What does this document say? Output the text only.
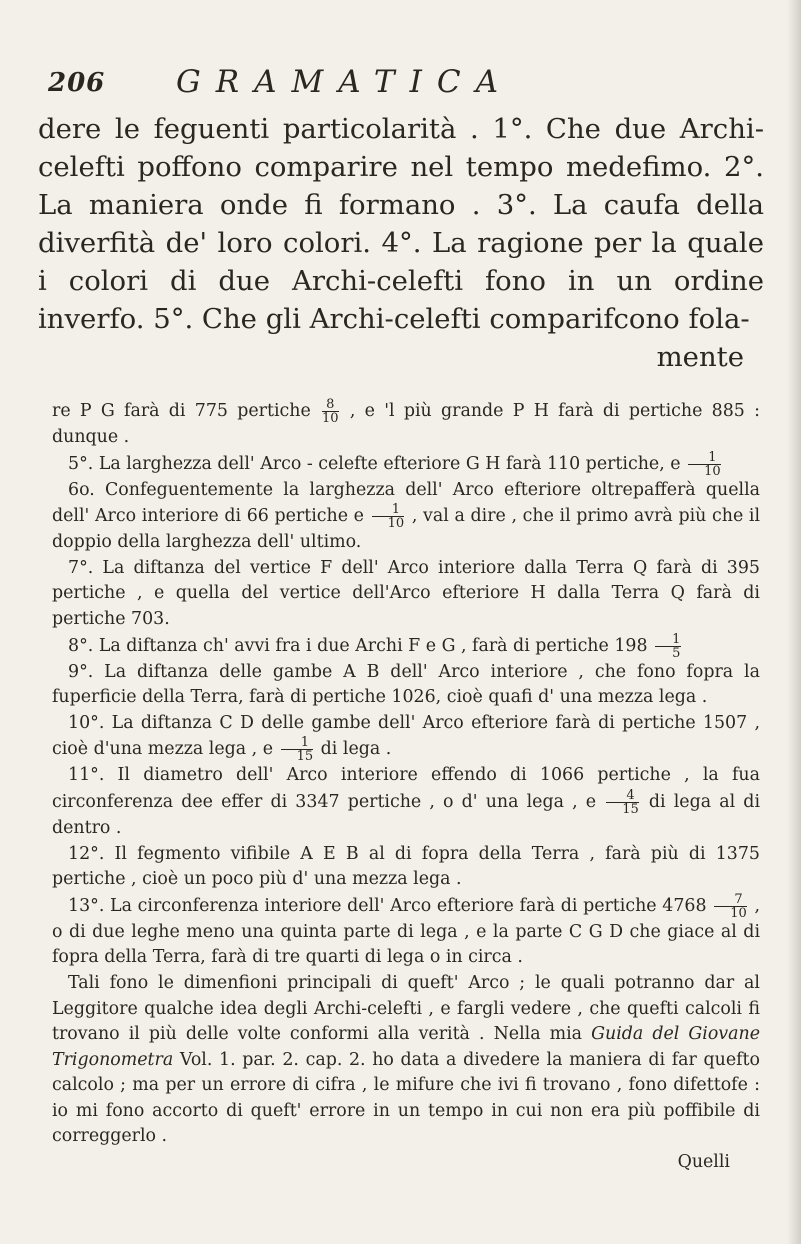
206 GRAMATICA

dere le feguenti particolarità . 1°. Che due Archi-celefti poffono comparire nel tempo medefimo. 2°. La maniera onde fi formano . 3°. La caufa della diverfità de' loro colori. 4°. La ragione per la quale i colori di due Archi-celefti fono in un ordine inverfo. 5°. Che gli Archi-celefti comparifcono fola-

mente

re P G farà di 775 pertiche $\frac{8}{10}$ , e 'l più grande P H farà di pertiche 885 : dunque .

5°. La larghezza dell' Arco - celefte efteriore G H farà 110 pertiche, e $\frac{1}{10}$

6o. Confeguentemente la larghezza dell' Arco efteriore oltrepafferà quella dell' Arco interiore di 66 pertiche e $\frac{1}{10}$ , val a dire , che il primo avrà più che il doppio della larghezza dell' ultimo.

7°. La diftanza del vertice F dell' Arco interiore dalla Terra Q farà di 395 pertiche , e quella del vertice dell'Arco efteriore H dalla Terra Q farà di pertiche 703.

8°. La diftanza ch' avvi fra i due Archi F e G , farà di pertiche $198 \frac{1}{5}$

9°. La diftanza delle gambe A B dell' Arco interiore , che fono fopra la fuperficie della Terra, farà di pertiche 1026, cioè quafi d' una mezza lega .

10°. La diftanza C D delle gambe dell' Arco efteriore farà di pertiche 1507 , cioè d'una mezza lega , e $\frac{1}{15}$ di lega .

11°. Il diametro dell' Arco interiore effendo di 1066 pertiche , la fua circonferenza dee effer di 3347 pertiche , o d' una lega , e $\frac{4}{15}$ di lega al di dentro .

12°. Il fegmento vifibile A E B al di fopra della Terra , farà più di 1375 pertiche , cioè un poco più d' una mezza lega .

13°. La circonferenza interiore dell' Arco efteriore farà di pertiche $4768 \frac{7}{10}$ , o di due leghe meno una quinta parte di lega , e la parte C G D che giace al di fopra della Terra, farà di tre quarti di lega o in circa .

Tali fono le dimenfioni principali di queft' Arco ; le quali potranno dar al Leggitore qualche idea degli Archi-celefti , e fargli vedere , che quefti calcoli fi trovano il più delle volte conformi alla verità . Nella mia Guida del Giovane Trigonometra Vol. 1. par. 2. cap. 2. ho data a divedere la maniera di far quefto calcolo ; ma per un errore di cifra , le mifure che ivi fi trovano , fono difettofe : io mi fono accorto di queft' errore in un tempo in cui non era più poffibile di correggerlo .

Quelli
